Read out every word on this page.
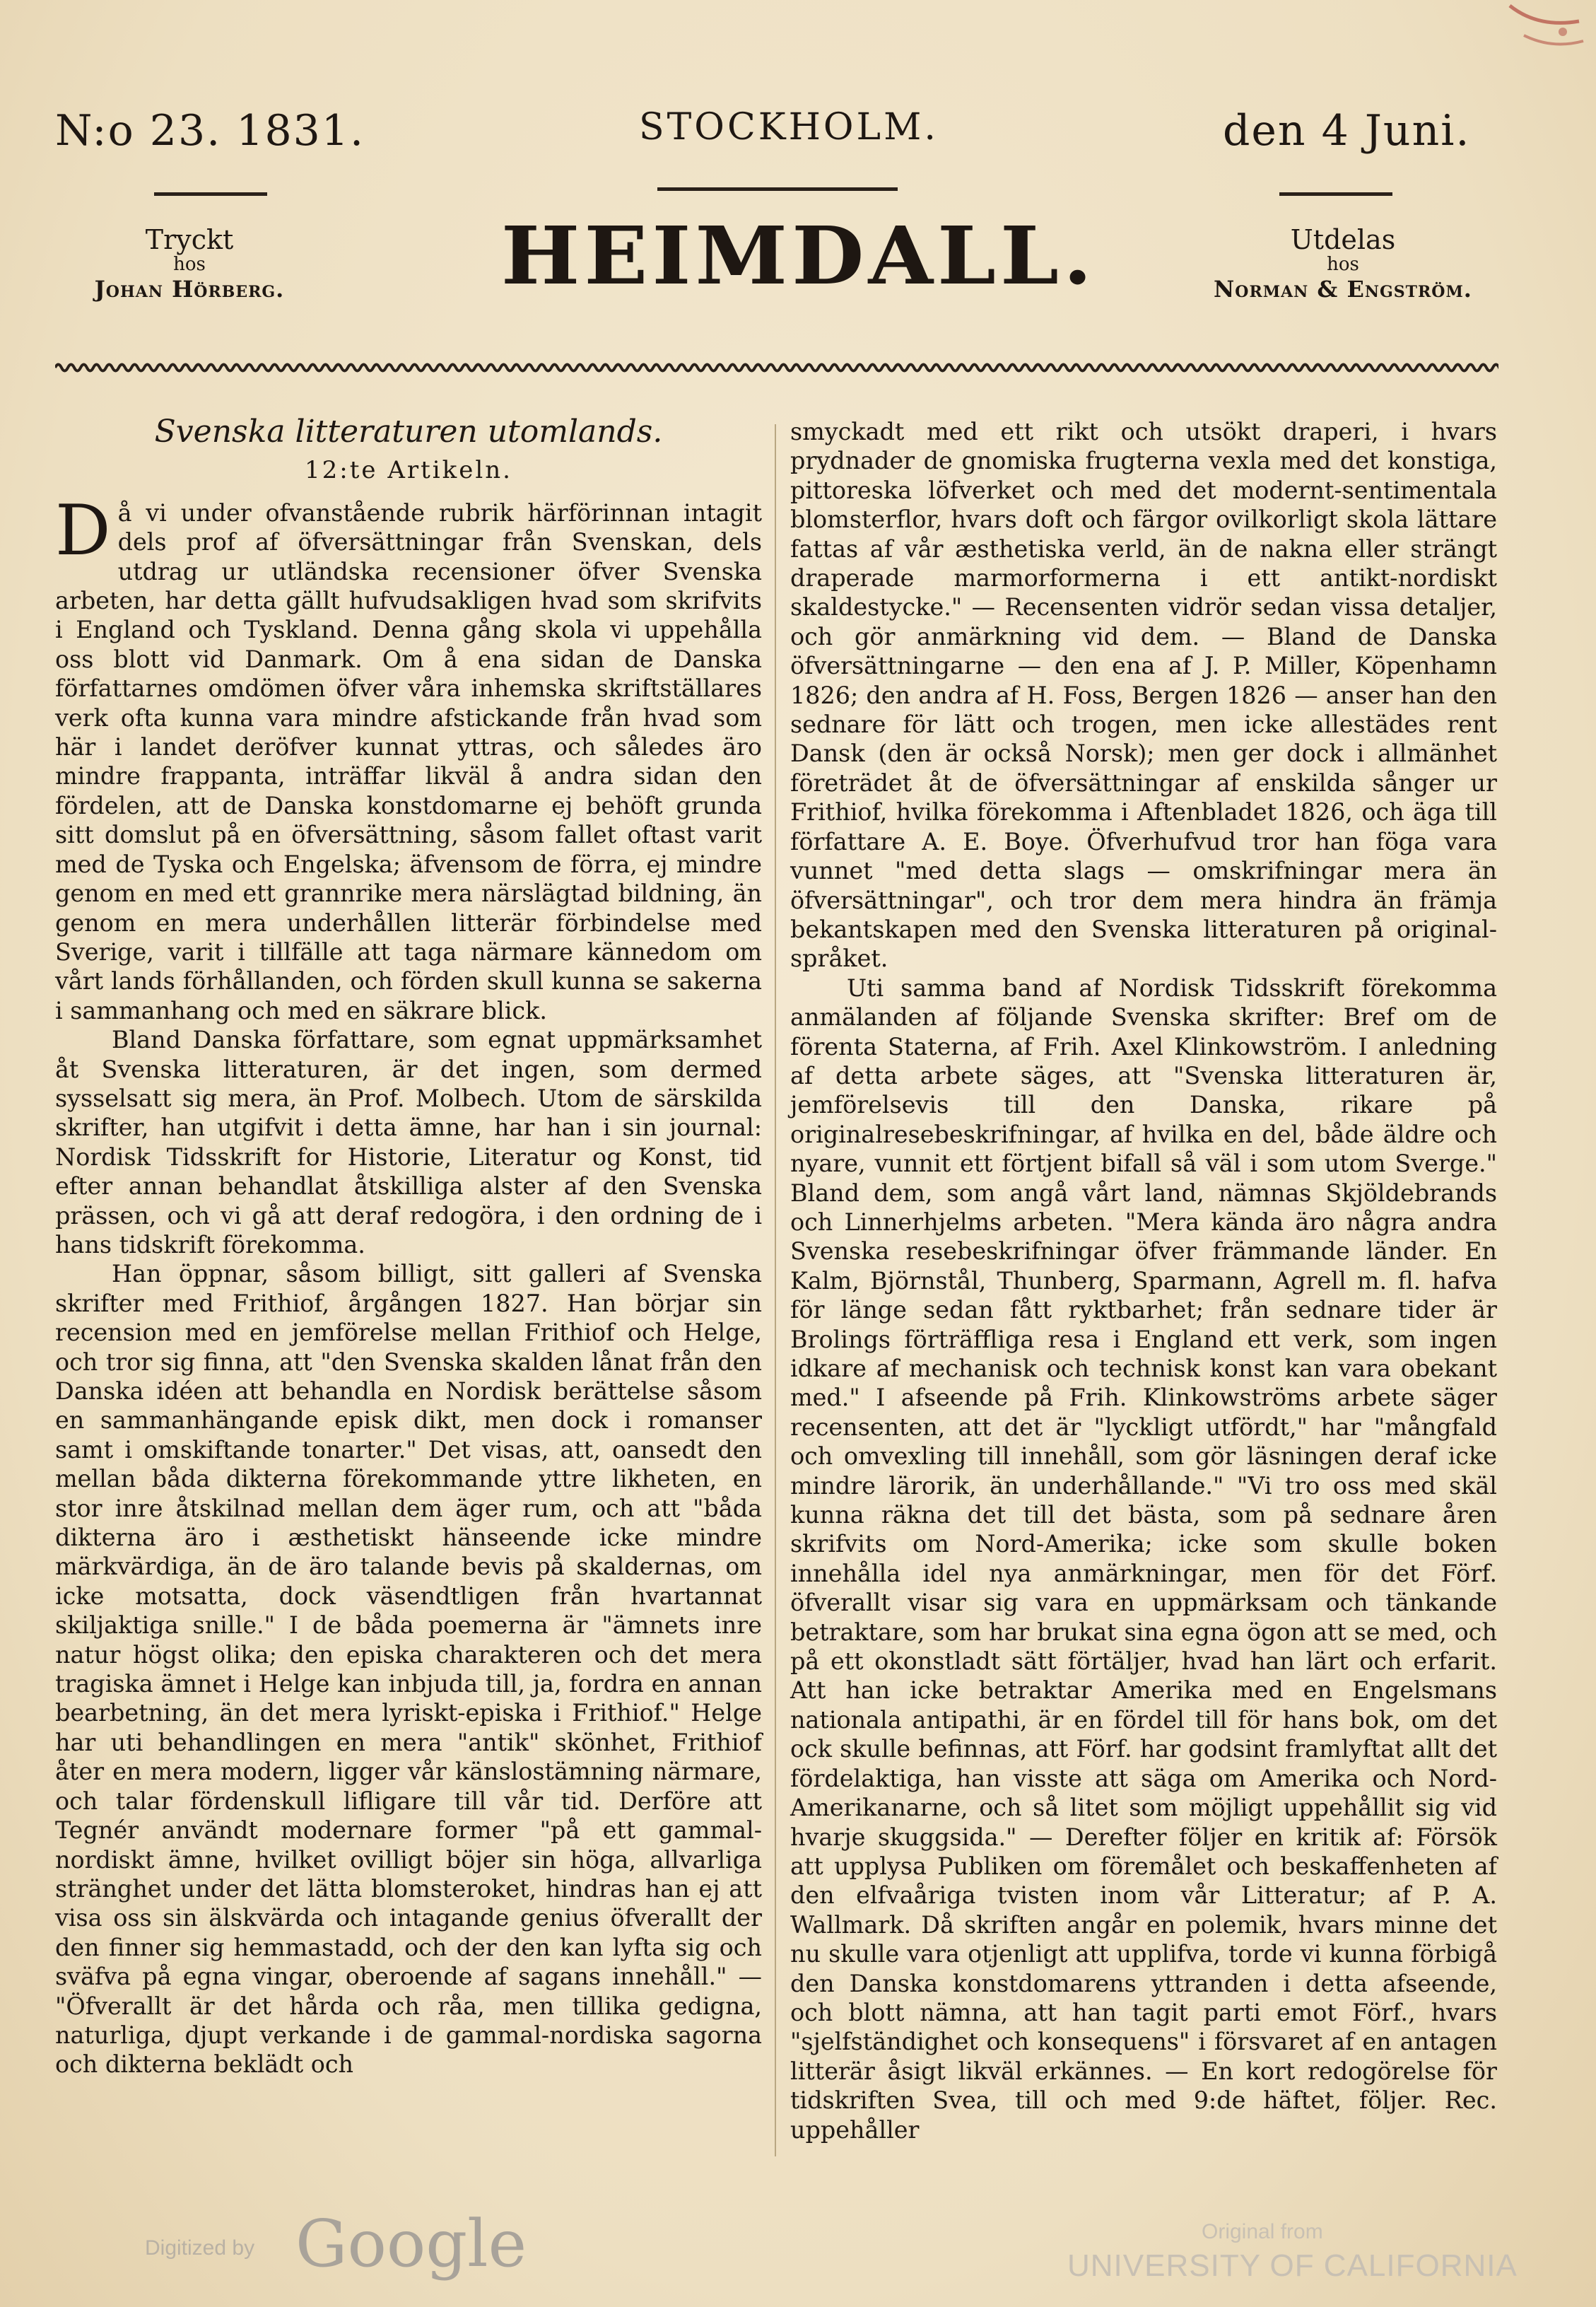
N:o 23. 1831.	STOCKHOLM.	den 4 Juni.
Tryckt
hos
Johan Hörberg.	HEIMDALL.	Utdelas
hos
Norman & Engström.
Svenska litteraturen utomlands.
12:te Artikeln.

Då vi under ofvanstående rubrik härförinnan intagit dels prof af öfversättningar från Svenskan, dels utdrag ur utländska recensioner öfver Svenska arbeten, har detta gällt hufvudsakligen hvad som skrifvits i England och Tyskland. Denna gång skola vi uppehålla oss blott vid Danmark. Om å ena sidan de Danska författarnes omdömen öfver våra inhemska skriftställares verk ofta kunna vara mindre afstickande från hvad som här i landet deröfver kunnat yttras, och således äro mindre frappanta, inträffar likväl å andra sidan den fördelen, att de Danska konstdomarne ej behöft grunda sitt domslut på en öfversättning, såsom fallet oftast varit med de Tyska och Engelska; äfvensom de förra, ej mindre genom en med ett grannrike mera närslägtad bildning, än genom en mera underhållen litterär förbindelse med Sverige, varit i tillfälle att taga närmare kännedom om vårt lands förhållanden, och förden skull kunna se sakerna i sammanhang och med en säkrare blick.

Bland Danska författare, som egnat uppmärksamhet åt Svenska litteraturen, är det ingen, som dermed sysselsatt sig mera, än Prof. Molbech. Utom de särskilda skrifter, han utgifvit i detta ämne, har han i sin journal: Nordisk Tidsskrift for Historie, Literatur og Konst, tid efter annan behandlat åtskilliga alster af den Svenska prässen, och vi gå att deraf redogöra, i den ordning de i hans tidskrift förekomma.

Han öppnar, såsom billigt, sitt galleri af Svenska skrifter med Frithiof, årgången 1827. Han börjar sin recension med en jemförelse mellan Frithiof och Helge, och tror sig finna, att "den Svenska skalden lånat från den Danska idéen att behandla en Nordisk berättelse såsom en sammanhängande episk dikt, men dock i romanser samt i omskiftande tonarter." Det visas, att, oansedt den mellan båda dikterna förekommande yttre likheten, en stor inre åtskilnad mellan dem äger rum, och att "båda dikterna äro i æsthetiskt hänseende icke mindre märkvärdiga, än de äro talande bevis på skaldernas, om icke motsatta, dock väsendtligen från hvartannat skiljaktiga snille." I de båda poemerna är "ämnets inre natur högst olika; den episka charakteren och det mera tragiska ämnet i Helge kan inbjuda till, ja, fordra en annan bearbetning, än det mera lyriskt-episka i Frithiof." Helge har uti behandlingen en mera "antik" skönhet, Frithiof åter en mera modern, ligger vår känslostämning närmare, och talar fördenskull lifligare till vår tid. Derföre att Tegnér användt modernare former "på ett gammal-nordiskt ämne, hvilket ovilligt böjer sin höga, allvarliga stränghet under det lätta blomsteroket, hindras han ej att visa oss sin älskvärda och intagande genius öfverallt der den finner sig hemmastadd, och der den kan lyfta sig och sväfva på egna vingar, oberoende af sagans innehåll." — "Öfverallt är det hårda och råa, men tillika gedigna, naturliga, djupt verkande i de gammal-nordiska sagorna och dikterna beklädt och

smyckadt med ett rikt och utsökt draperi, i hvars prydnader de gnomiska frugterna vexla med det konstiga, pittoreska löfverket och med det modernt-sentimentala blomsterflor, hvars doft och färgor ovilkorligt skola lättare fattas af vår æsthetiska verld, än de nakna eller strängt draperade marmorformerna i ett antikt-nordiskt skaldestycke." — Recensenten vidrör sedan vissa detaljer, och gör anmärkning vid dem. — Bland de Danska öfversättningarne — den ena af J. P. Miller, Köpenhamn 1826; den andra af H. Foss, Bergen 1826 — anser han den sednare för lätt och trogen, men icke allestädes rent Dansk (den är också Norsk); men ger dock i allmänhet företrädet åt de öfversättningar af enskilda sånger ur Frithiof, hvilka förekomma i Aftenbladet 1826, och äga till författare A. E. Boye. Öfverhufvud tror han föga vara vunnet "med detta slags — omskrifningar mera än öfversättningar", och tror dem mera hindra än främja bekantskapen med den Svenska litteraturen på original-språket.

Uti samma band af Nordisk Tidsskrift förekomma anmälanden af följande Svenska skrifter: Bref om de förenta Staterna, af Frih. Axel Klinkowström. I anledning af detta arbete säges, att "Svenska litteraturen är, jemförelsevis till den Danska, rikare på originalresebeskrifningar, af hvilka en del, både äldre och nyare, vunnit ett förtjent bifall så väl i som utom Sverge." Bland dem, som angå vårt land, nämnas Skjöldebrands och Linnerhjelms arbeten. "Mera kända äro några andra Svenska resebeskrifningar öfver främmande länder. En Kalm, Björnstål, Thunberg, Sparmann, Agrell m. fl. hafva för länge sedan fått ryktbarhet; från sednare tider är Brolings förträffliga resa i England ett verk, som ingen idkare af mechanisk och technisk konst kan vara obekant med." I afseende på Frih. Klinkowströms arbete säger recensenten, att det är "lyckligt utfördt," har "mångfald och omvexling till innehåll, som gör läsningen deraf icke mindre lärorik, än underhållande." "Vi tro oss med skäl kunna räkna det till det bästa, som på sednare åren skrifvits om Nord-Amerika; icke som skulle boken innehålla idel nya anmärkningar, men för det Förf. öfverallt visar sig vara en uppmärksam och tänkande betraktare, som har brukat sina egna ögon att se med, och på ett okonstladt sätt förtäljer, hvad han lärt och erfarit. Att han icke betraktar Amerika med en Engelsmans nationala antipathi, är en fördel till för hans bok, om det ock skulle befinnas, att Förf. har godsint framlyftat allt det fördelaktiga, han visste att säga om Amerika och Nord-Amerikanarne, och så litet som möjligt uppehållit sig vid hvarje skuggsida." — Derefter följer en kritik af: Försök att upplysa Publiken om föremålet och beskaffenheten af den elfvaåriga tvisten inom vår Litteratur; af P. A. Wallmark. Då skriften angår en polemik, hvars minne det nu skulle vara otjenligt att upplifva, torde vi kunna förbigå den Danska konstdomarens yttranden i detta afseende, och blott nämna, att han tagit parti emot Förf., hvars "sjelfständighet och konsequens" i försvaret af en antagen litterär åsigt likväl erkännes. — En kort redogörelse för tidskriften Svea, till och med 9:de häftet, följer. Rec. uppehåller

Digitized by Google	Original from
UNIVERSITY OF CALIFORNIA
